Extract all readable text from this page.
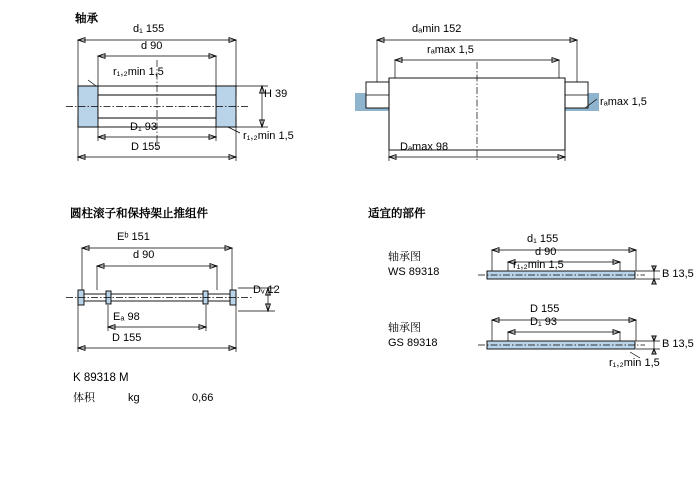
轴承
圆柱滚子和保持架止推组件	适宜的部件
d₁ 155
d 90
r₁,₂min 1,5
H 39
r₁,₂min 1,5
D₁ 93
D 155
dₐmin 152
rₐmax 1,5
rₐmax 1,5
Dₐmax 98
Eᵇ 151
d 90
Eₐ 98
D 155
Dᵥ 12
K 89318 M
体积	kg	0,66
轴承图
WS 89318
d₁ 155
d 90
r₁,₂min 1,5
B 13,5
轴承图
GS 89318
D 155
D₁ 93
r₁,₂min 1,5
B 13,5
